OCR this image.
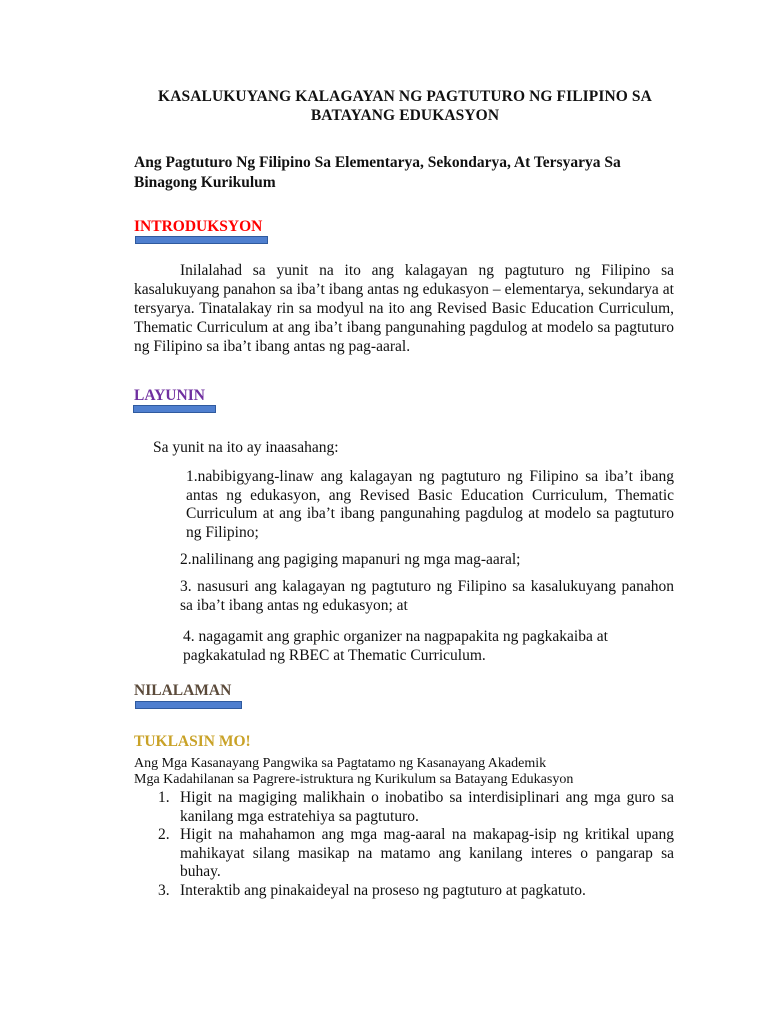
KASALUKUYANG KALAGAYAN NG PAGTUTURO NG FILIPINO SA BATAYANG EDUKASYON
Ang Pagtuturo Ng Filipino Sa Elementarya, Sekondarya, At Tersyarya Sa Binagong Kurikulum
INTRODUKSYON
Inilalahad sa yunit na ito ang kalagayan ng pagtuturo ng Filipino sa
kasalukuyang panahon sa iba’t ibang antas ng edukasyon – elementarya, sekundarya at tersyarya. Tinatalakay rin sa modyul na ito ang Revised Basic Education Curriculum, Thematic Curriculum at ang iba’t ibang pangunahing pagdulog at modelo sa pagtuturo ng Filipino sa iba’t ibang antas ng pag-aaral.
LAYUNIN
Sa yunit na ito ay inaasahang:
1.nabibigyang-linaw ang kalagayan ng pagtuturo ng Filipino sa iba’t ibang antas ng edukasyon, ang Revised Basic Education Curriculum, Thematic Curriculum at ang iba’t ibang pangunahing pagdulog at modelo sa pagtuturo ng Filipino;
2.nalilinang ang pagiging mapanuri ng mga mag-aaral;
3. nasusuri ang kalagayan ng pagtuturo ng Filipino sa kasalukuyang panahon sa iba’t ibang antas ng edukasyon; at
4. nagagamit ang graphic organizer na nagpapakita ng pagkakaiba at pagkakatulad ng RBEC at Thematic Curriculum.
NILALAMAN
TUKLASIN MO!
Ang Mga Kasanayang Pangwika sa Pagtatamo ng Kasanayang Akademik
Mga Kadahilanan sa Pagrere-istruktura ng Kurikulum sa Batayang Edukasyon
1. Higit na magiging malikhain o inobatibo sa interdisiplinari ang mga guro sa kanilang mga estratehiya sa pagtuturo.
2. Higit na mahahamon ang mga mag-aaral na makapag-isip ng kritikal upang mahikayat silang masikap na matamo ang kanilang interes o pangarap sa buhay.
3. Interaktib ang pinakaideyal na proseso ng pagtuturo at pagkatuto.
